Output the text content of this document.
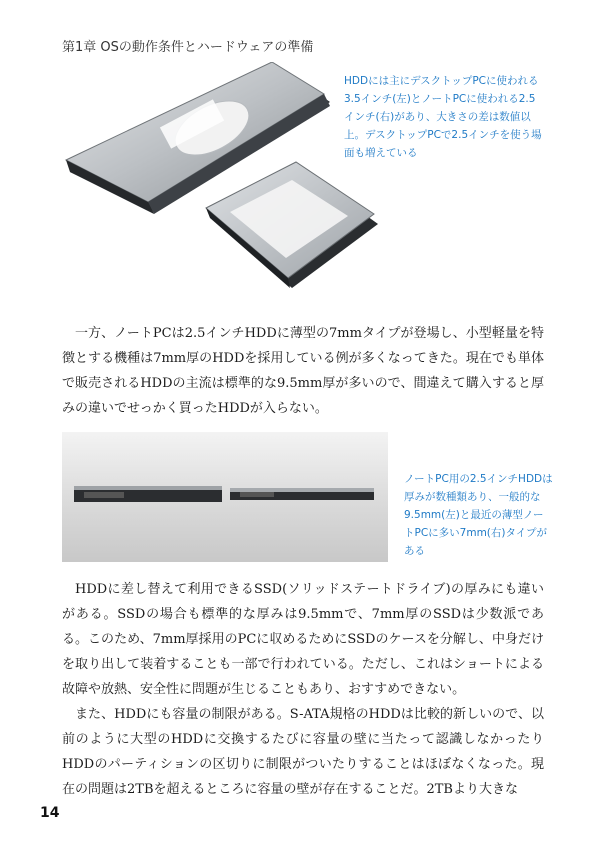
第1章 OSの動作条件とハードウェアの準備
HDDには主にデスクトップPCに使われる3.5インチ(左)とノートPCに使われる2.5インチ(右)があり、大きさの差は数値以上。デスクトップPCで2.5インチを使う場面も増えている
一方、ノートPCは2.5インチHDDに薄型の7mmタイプが登場し、小型軽量を特徴とする機種は7mm厚のHDDを採用している例が多くなってきた。現在でも単体で販売されるHDDの主流は標準的な9.5mm厚が多いので、間違えて購入すると厚みの違いでせっかく買ったHDDが入らない。
ノートPC用の2.5インチHDDは厚みが数種類あり、一般的な9.5mm(左)と最近の薄型ノートPCに多い7mm(右)タイプがある
HDDに差し替えて利用できるSSD(ソリッドステートドライブ)の厚みにも違いがある。SSDの場合も標準的な厚みは9.5mmで、7mm厚のSSDは少数派である。このため、7mm厚採用のPCに収めるためにSSDのケースを分解し、中身だけを取り出して装着することも一部で行われている。ただし、これはショートによる故障や放熱、安全性に問題が生じることもあり、おすすめできない。
また、HDDにも容量の制限がある。S-ATA規格のHDDは比較的新しいので、以前のように大型のHDDに交換するたびに容量の壁に当たって認識しなかったりHDDのパーティションの区切りに制限がついたりすることはほぼなくなった。現在の問題は2TBを超えるところに容量の壁が存在することだ。2TBより大きな
14
